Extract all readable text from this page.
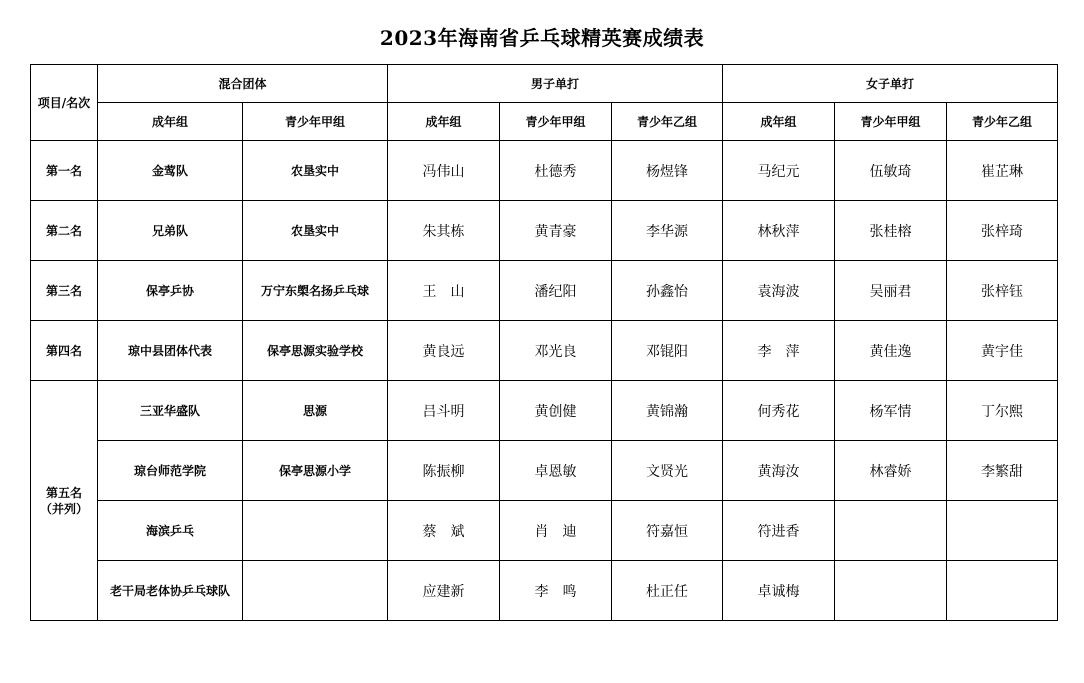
2023年海南省乒乓球精英赛成绩表
项目/名次	混合团体		男子单打			女子单打		
	成年组	青少年甲组	成年组	青少年甲组	青少年乙组	成年组	青少年甲组	青少年乙组
第一名	金莺队	农垦实中	冯伟山	杜德秀	杨煜锋	马纪元	伍敏琦	崔芷琳
第二名	兄弟队	农垦实中	朱其栋	黄青豪	李华源	林秋萍	张桂榕	张梓琦
第三名	保亭乒协	万宁东㮾名扬乒乓球	王　山	潘纪阳	孙鑫怡	袁海波	吴丽君	张梓钰
第四名	琼中县团体代表	保亭思源实验学校	黄良远	邓光良	邓锟阳	李　萍	黄佳逸	黄宇佳

第五名
（并列）	三亚华盛队	思源	吕斗明	黄创健	黄锦瀚	何秀花	杨军情	丁尔熙
	琼台师范学院	保亭思源小学	陈振柳	卓恩敏	文贤光	黄海汝	林睿娇	李繁甜
	海滨乒乓		蔡　斌	肖　迪	符嘉恒	符进香		
	老干局老体协乒乓球队		应建新	李　鸣	杜正任	卓诚梅		
